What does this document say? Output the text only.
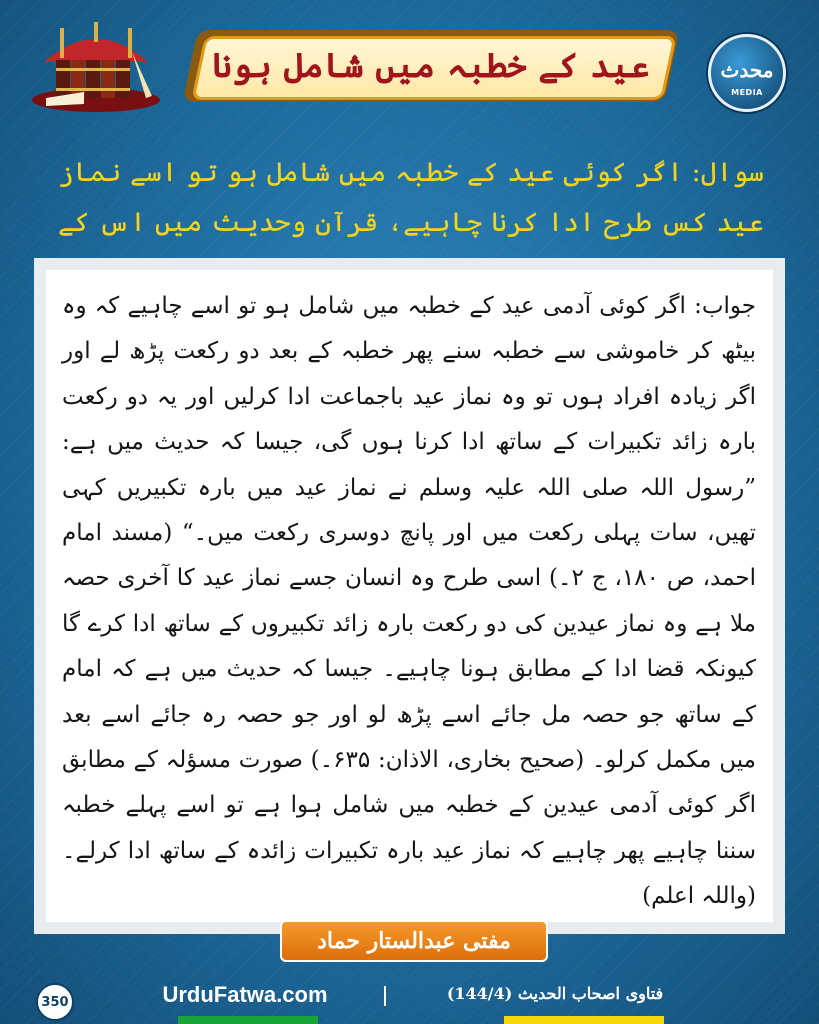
عید کے خطبہ میں شامل ہونا	محدث
MEDIA
سوال: اگر کوئی عید کے خطبہ میں شامل ہو تو اسے نماز عید کس طرح ادا کرنا چاہیے، قرآن وحدیث میں اس کے
جواب: اگر کوئی آدمی عید کے خطبہ میں شامل ہو تو اسے چاہیے کہ وہ بیٹھ کر خاموشی سے خطبہ سنے پھر خطبہ کے بعد دو رکعت پڑھ لے اور اگر زیادہ افراد ہوں تو وہ نماز عید باجماعت ادا کرلیں اور یہ دو رکعت بارہ زائد تکبیرات کے ساتھ ادا کرنا ہوں گی، جیسا کہ حدیث میں ہے: ”رسول اللہ صلی اللہ علیہ وسلم نے نماز عید میں بارہ تکبیریں کہی تھیں، سات پہلی رکعت میں اور پانچ دوسری رکعت میں۔“ (مسند امام احمد، ص ۱۸۰، ج ۲۔) اسی طرح وہ انسان جسے نماز عید کا آخری حصہ ملا ہے وہ نماز عیدین کی دو رکعت بارہ زائد تکبیروں کے ساتھ ادا کرے گا کیونکہ قضا ادا کے مطابق ہونا چاہیے۔ جیسا کہ حدیث میں ہے کہ امام کے ساتھ جو حصہ مل جائے اسے پڑھ لو اور جو حصہ رہ جائے اسے بعد میں مکمل کرلو۔ (صحیح بخاری، الاذان: ۶۳۵۔) صورت مسؤلہ کے مطابق اگر کوئی آدمی عیدین کے خطبہ میں شامل ہوا ہے تو اسے پہلے خطبہ سننا چاہیے پھر چاہیے کہ نماز عید بارہ تکبیرات زائدہ کے ساتھ ادا کرلے۔ (واللہ اعلم)
مفتی عبدالستار حماد
350	UrduFatwa.com	فتاوی اصحاب الحدیث (144/4)
